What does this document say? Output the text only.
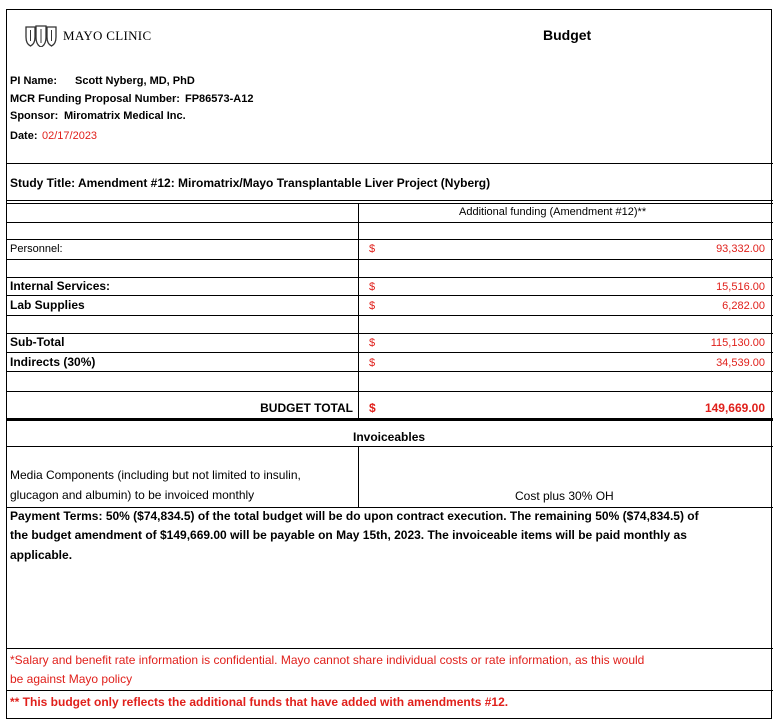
MAYO CLINIC	Budget
PI Name: Scott Nyberg, MD, PhD
MCR Funding Proposal Number: FP86573-A12
Sponsor: Miromatrix Medical Inc.
Date: 02/17/2023
Study Title: Amendment #12: Miromatrix/Mayo Transplantable Liver Project (Nyberg)
Additional funding (Amendment #12)**
Personnel:	$	93,332.00
Internal Services:	$	15,516.00
Lab Supplies	$	6,282.00
Sub-Total	$	115,130.00
Indirects (30%)	$	34,539.00
BUDGET TOTAL $	149,669.00
Invoiceables
Media Components (including but not limited to insulin,
glucagon and albumin) to be invoiced monthly	Cost plus 30% OH
Payment Terms: 50% ($74,834.5) of the total budget will be do upon contract execution. The remaining 50% ($74,834.5) of
the budget amendment of $149,669.00 will be payable on May 15th, 2023. The invoiceable items will be paid monthly as
applicable.
*Salary and benefit rate information is confidential. Mayo cannot share individual costs or rate information, as this would
be against Mayo policy
** This budget only reflects the additional funds that have added with amendments #12.
